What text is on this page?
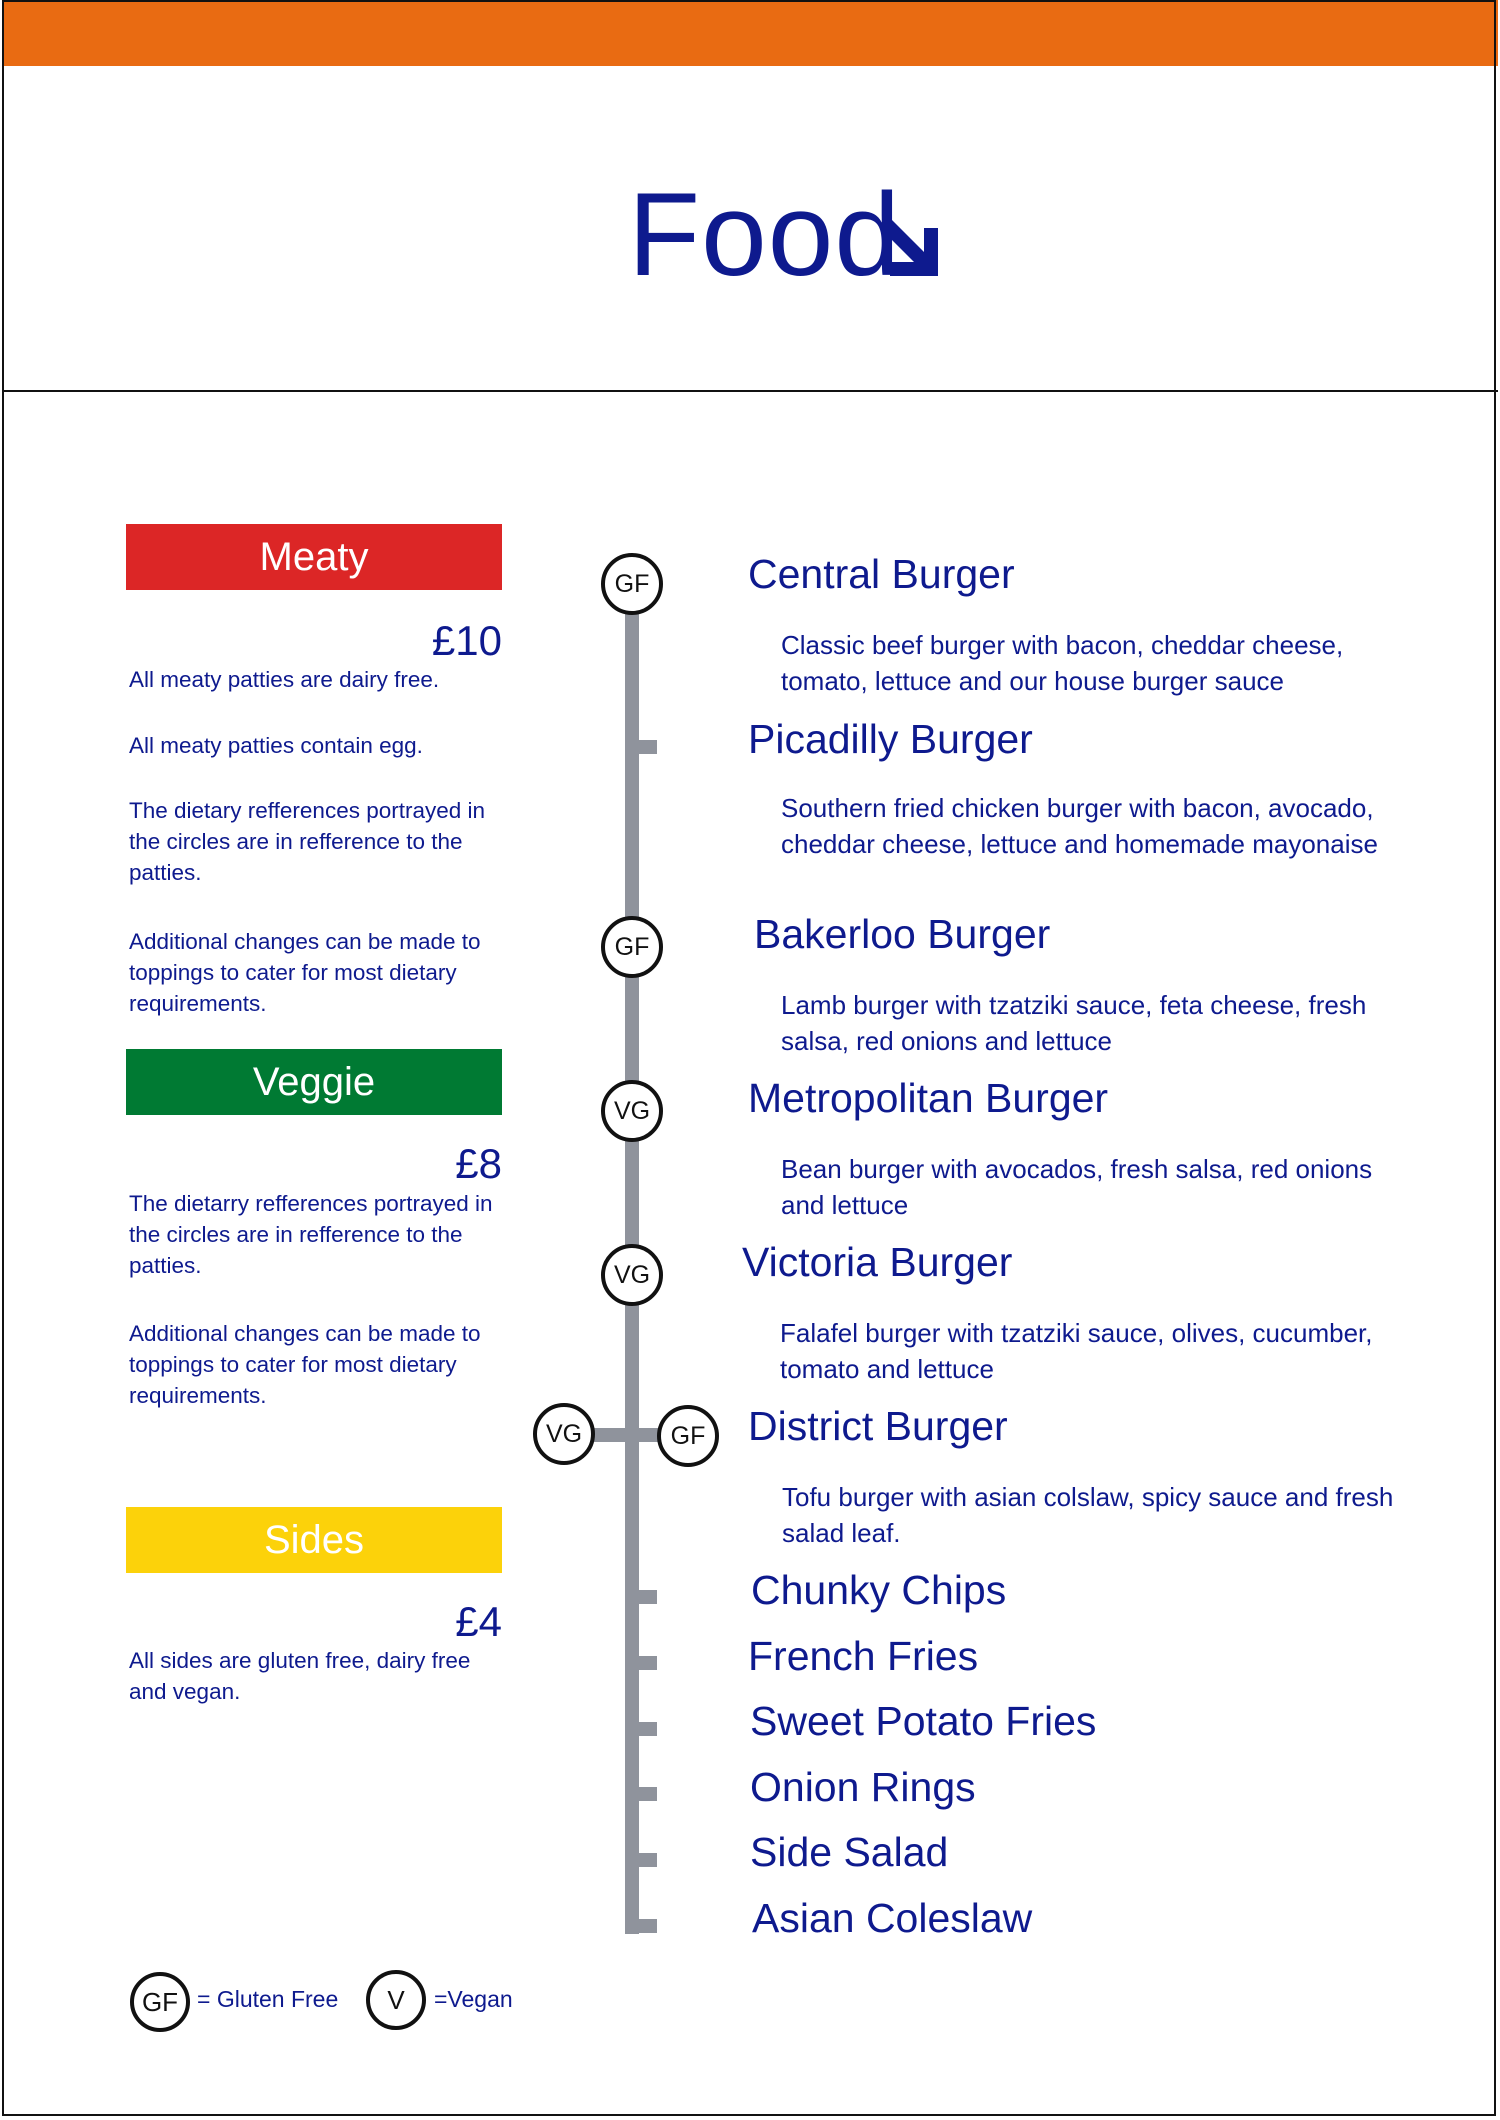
Food
Meaty
£10
All meaty patties are dairy free.
All meaty patties contain egg.
The dietary refferences portrayed in the circles are in refference to the patties.
Additional changes can be made to toppings to cater for most dietary requirements.
Veggie
£8
The dietarry refferences portrayed in the circles are in refference to the patties.
Additional changes can be made to toppings to cater for most dietary requirements.
Sides
£4
All sides are gluten free, dairy free and vegan.
GF
GF
VG
VG
VG	GF
Central Burger
Classic beef burger with bacon, cheddar cheese, tomato, lettuce and our house burger sauce
Picadilly Burger
Southern fried chicken burger with bacon, avocado, cheddar cheese, lettuce and homemade mayonaise
Bakerloo Burger
Lamb burger with tzatziki sauce, feta cheese, fresh salsa, red onions and lettuce
Metropolitan Burger
Bean burger with avocados, fresh salsa, red onions and lettuce
Victoria Burger
Falafel burger with tzatziki sauce, olives, cucumber, tomato and lettuce
District Burger
Tofu burger with asian colslaw, spicy sauce and fresh salad leaf.
Chunky Chips
French Fries
Sweet Potato Fries
Onion Rings
Side Salad
Asian Coleslaw
GF = Gluten Free	V	=Vegan
